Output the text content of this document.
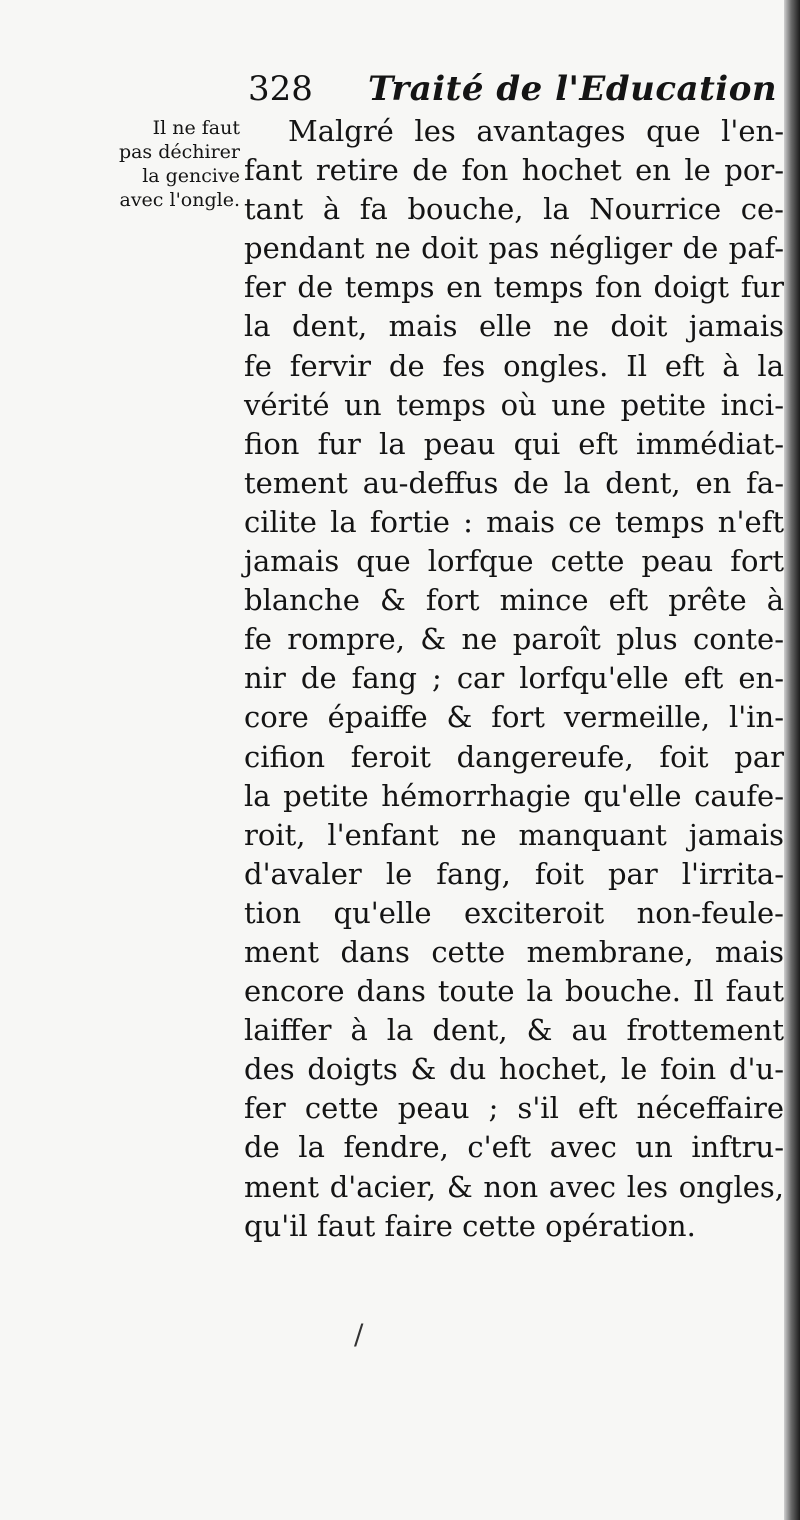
328 Traité de l'Education
Il ne faut
pas déchirer
la gencive
avec l'ongle.
Malgré les avantages que l'en-
fant retire de fon hochet en le por-
tant à fa bouche, la Nourrice ce-
pendant ne doit pas négliger de paf-
fer de temps en temps fon doigt fur
la dent, mais elle ne doit jamais
fe fervir de fes ongles. Il eft à la
vérité un temps où une petite inci-
fion fur la peau qui eft immédiat-
tement au-deffus de la dent, en fa-
cilite la fortie : mais ce temps n'eft
jamais que lorfque cette peau fort
blanche & fort mince eft prête à
fe rompre, & ne paroît plus conte-
nir de fang ; car lorfqu'elle eft en-
core épaiffe & fort vermeille, l'in-
cifion feroit dangereufe, foit par
la petite hémorrhagie qu'elle caufe-
roit, l'enfant ne manquant jamais
d'avaler le fang, foit par l'irrita-
tion qu'elle exciteroit non-feule-
ment dans cette membrane, mais
encore dans toute la bouche. Il faut
laiffer à la dent, & au frottement
des doigts & du hochet, le foin d'u-
fer cette peau ; s'il eft néceffaire
de la fendre, c'eft avec un inftru-
ment d'acier, & non avec les ongles,
qu'il faut faire cette opération.
/
